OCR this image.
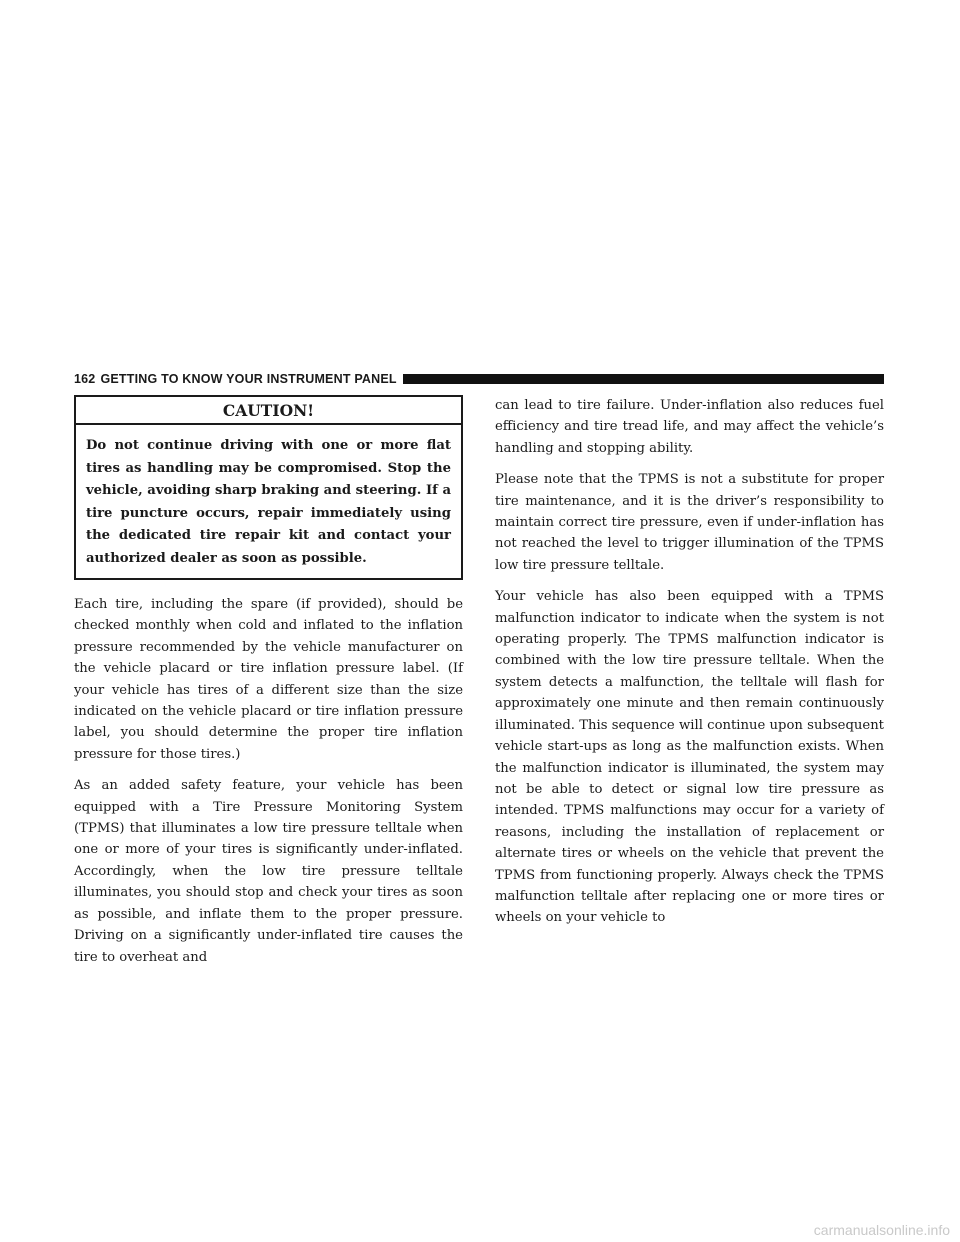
162 GETTING TO KNOW YOUR INSTRUMENT PANEL
CAUTION!
Do not continue driving with one or more flat tires as handling may be compromised. Stop the vehicle, avoiding sharp braking and steering. If a tire puncture occurs, repair immediately using the dedicated tire repair kit and contact your authorized dealer as soon as possible.

Each tire, including the spare (if provided), should be checked monthly when cold and inflated to the inflation pressure recommended by the vehicle manufacturer on the vehicle placard or tire inflation pressure label. (If your vehicle has tires of a different size than the size indicated on the vehicle placard or tire inflation pressure label, you should determine the proper tire inflation pressure for those tires.)

As an added safety feature, your vehicle has been equipped with a Tire Pressure Monitoring System (TPMS) that illuminates a low tire pressure telltale when one or more of your tires is significantly under-inflated. Accordingly, when the low tire pressure telltale illuminates, you should stop and check your tires as soon as possible, and inflate them to the proper pressure. Driving on a significantly under-inflated tire causes the tire to overheat and

can lead to tire failure. Under-inflation also reduces fuel efficiency and tire tread life, and may affect the vehicle’s handling and stopping ability.

Please note that the TPMS is not a substitute for proper tire maintenance, and it is the driver’s responsibility to maintain correct tire pressure, even if under-inflation has not reached the level to trigger illumination of the TPMS low tire pressure telltale.

Your vehicle has also been equipped with a TPMS malfunction indicator to indicate when the system is not operating properly. The TPMS malfunction indicator is combined with the low tire pressure telltale. When the system detects a malfunction, the telltale will flash for approximately one minute and then remain continuously illuminated. This sequence will continue upon subsequent vehicle start-ups as long as the malfunction exists. When the malfunction indicator is illuminated, the system may not be able to detect or signal low tire pressure as intended. TPMS malfunctions may occur for a variety of reasons, including the installation of replacement or alternate tires or wheels on the vehicle that prevent the TPMS from functioning properly. Always check the TPMS malfunction telltale after replacing one or more tires or wheels on your vehicle to

carmanualsonline.info
